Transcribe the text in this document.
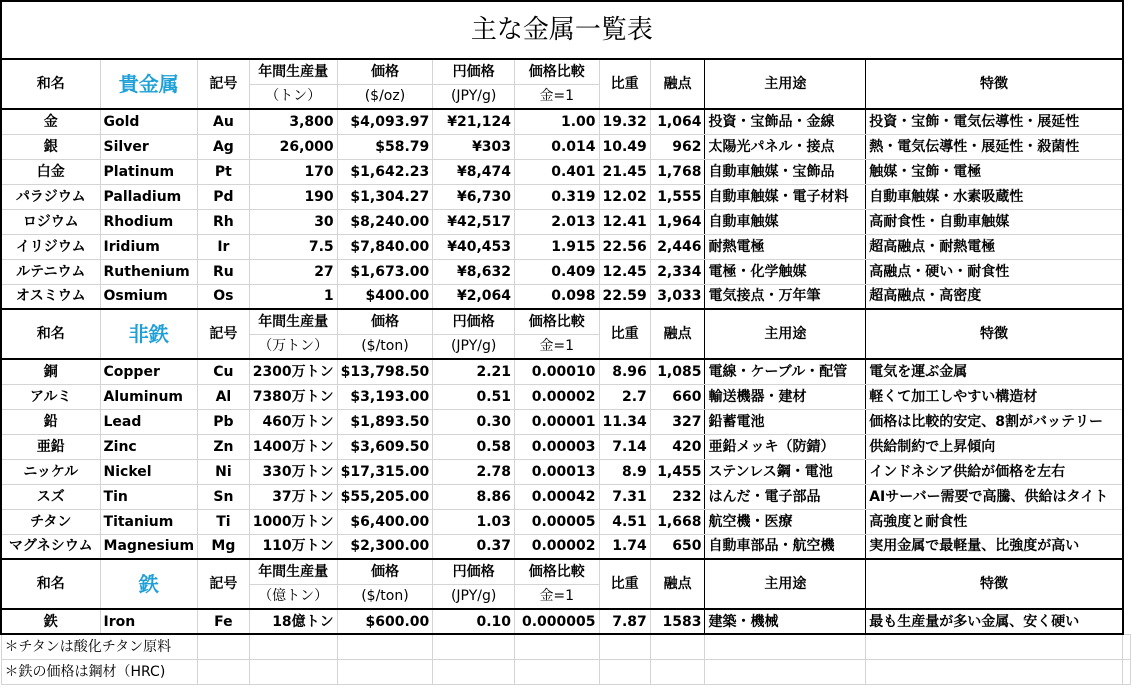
主な金属一覧表											
和名	貴金属	記号	年間生産量	価格	円価格	価格比較	比重	融点	主用途	特徴	
			（トン）	($/oz)	(JPY/g)	金=1					
金	Gold	Au	3,800	$4,093.97	¥21,124	1.00	19.32	1,064	投資・宝飾品・金線	投資・宝飾・電気伝導性・展延性	
銀	Silver	Ag	26,000	$58.79	¥303	0.014	10.49	962	太陽光パネル・接点	熱・電気伝導性・展延性・殺菌性	
白金	Platinum	Pt	170	$1,642.23	¥8,474	0.401	21.45	1,768	自動車触媒・宝飾品	触媒・宝飾・電極	
パラジウム	Palladium	Pd	190	$1,304.27	¥6,730	0.319	12.02	1,555	自動車触媒・電子材料	自動車触媒・水素吸蔵性	
ロジウム	Rhodium	Rh	30	$8,240.00	¥42,517	2.013	12.41	1,964	自動車触媒	高耐食性・自動車触媒	
イリジウム	Iridium	Ir	7.5	$7,840.00	¥40,453	1.915	22.56	2,446	耐熱電極	超高融点・耐熱電極	
ルテニウム	Ruthenium	Ru	27	$1,673.00	¥8,632	0.409	12.45	2,334	電極・化学触媒	高融点・硬い・耐食性	
オスミウム	Osmium	Os	1	$400.00	¥2,064	0.098	22.59	3,033	電気接点・万年筆	超高融点・高密度	
和名	非鉄	記号	年間生産量	価格	円価格	価格比較	比重	融点	主用途	特徴	
			（万トン）	($/ton)	(JPY/g)	金=1					
銅	Copper	Cu	2300万トン	$13,798.50	2.21	0.00010	8.96	1,085	電線・ケーブル・配管	電気を運ぶ金属	
アルミ	Aluminum	Al	7380万トン	$3,193.00	0.51	0.00002	2.7	660	輸送機器・建材	軽くて加工しやすい構造材	
鉛	Lead	Pb	460万トン	$1,893.50	0.30	0.00001	11.34	327	鉛蓄電池	価格は比較的安定、8割がバッテリー	
亜鉛	Zinc	Zn	1400万トン	$3,609.50	0.58	0.00003	7.14	420	亜鉛メッキ（防錆）	供給制約で上昇傾向	
ニッケル	Nickel	Ni	330万トン	$17,315.00	2.78	0.00013	8.9	1,455	ステンレス鋼・電池	インドネシア供給が価格を左右	
スズ	Tin	Sn	37万トン	$55,205.00	8.86	0.00042	7.31	232	はんだ・電子部品	AIサーバー需要で高騰、供給はタイト	
チタン	Titanium	Ti	1000万トン	$6,400.00	1.03	0.00005	4.51	1,668	航空機・医療	高強度と耐食性	
マグネシウム	Magnesium	Mg	110万トン	$2,300.00	0.37	0.00002	1.74	650	自動車部品・航空機	実用金属で最軽量、比強度が高い	
和名	鉄	記号	年間生産量	価格	円価格	価格比較	比重	融点	主用途	特徴	
			（億トン）	($/ton)	(JPY/g)	金=1					
鉄	Iron	Fe	18億トン	$600.00	0.10	0.000005	7.87	1583	建築・機械	最も生産量が多い金属、安く硬い	
＊チタンは酸化チタン原料											
＊鉄の価格は鋼材（HRC)											
